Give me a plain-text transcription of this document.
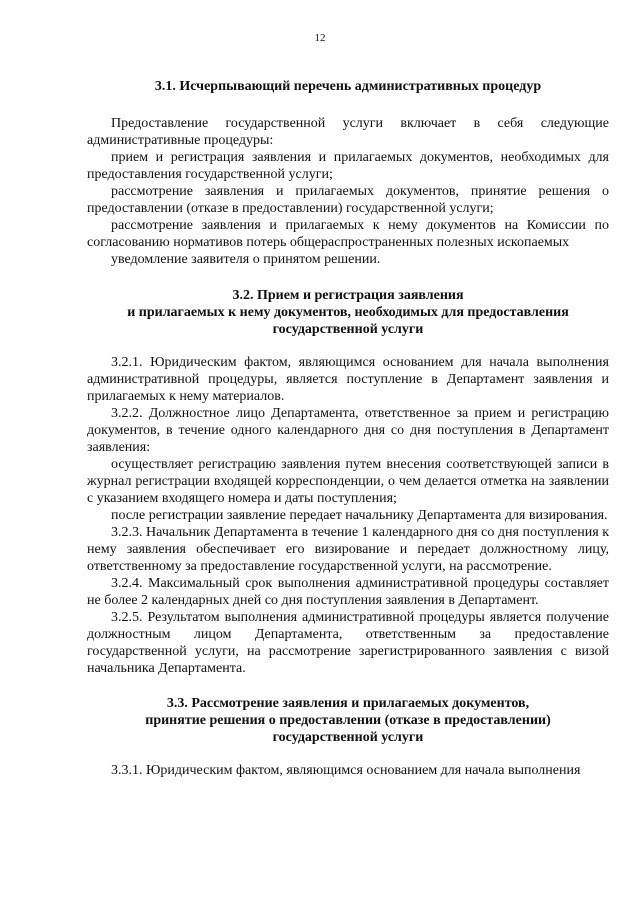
12
3.1. Исчерпывающий перечень административных процедур

Предоставление государственной услуги включает в себя следующие административные процедуры:

прием и регистрация заявления и прилагаемых документов, необходимых для предоставления государственной услуги;

рассмотрение заявления и прилагаемых документов, принятие решения о предоставлении (отказе в предоставлении) государственной услуги;

рассмотрение заявления и прилагаемых к нему документов на Комиссии по согласованию нормативов потерь общераспространенных полезных ископаемых

уведомление заявителя о принятом решении.

3.2. Прием и регистрация заявления
и прилагаемых к нему документов, необходимых для предоставления
государственной услуги

3.2.1. Юридическим фактом, являющимся основанием для начала выполнения административной процедуры, является поступление в Департамент заявления и прилагаемых к нему материалов.

3.2.2. Должностное лицо Департамента, ответственное за прием и регистрацию документов, в течение одного календарного дня со дня поступления в Департамент заявления:

осуществляет регистрацию заявления путем внесения соответствующей записи в журнал регистрации входящей корреспонденции, о чем делается отметка на заявлении с указанием входящего номера и даты поступления;

после регистрации заявление передает начальнику Департамента для визирования.

3.2.3. Начальник Департамента в течение 1 календарного дня со дня поступления к нему заявления обеспечивает его визирование и передает должностному лицу, ответственному за предоставление государственной услуги, на рассмотрение.

3.2.4. Максимальный срок выполнения административной процедуры составляет не более 2 календарных дней со дня поступления заявления в Департамент.

3.2.5. Результатом выполнения административной процедуры является получение должностным лицом Департамента, ответственным за предоставление государственной услуги, на рассмотрение зарегистрированного заявления с визой начальника Департамента.

3.3. Рассмотрение заявления и прилагаемых документов,
принятие решения о предоставлении (отказе в предоставлении)
государственной услуги

3.3.1. Юридическим фактом, являющимся основанием для начала выполнения
